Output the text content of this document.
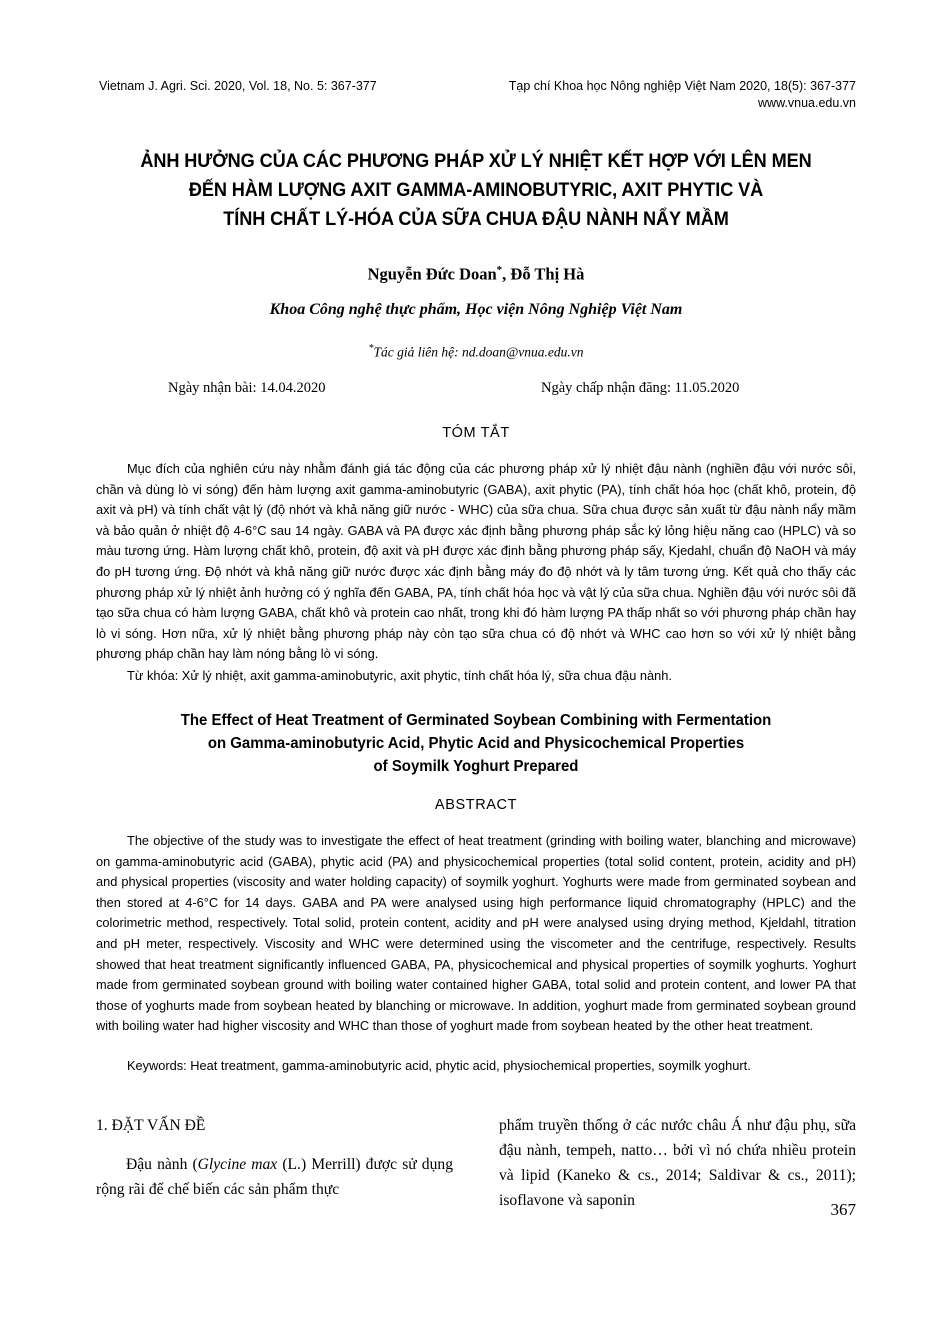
Vietnam J. Agri. Sci. 2020, Vol. 18, No. 5: 367-377	Tạp chí Khoa học Nông nghiệp Việt Nam 2020, 18(5): 367-377
www.vnua.edu.vn
ẢNH HƯỞNG CỦA CÁC PHƯƠNG PHÁP XỬ LÝ NHIỆT KẾT HỢP VỚI LÊN MEN
ĐẾN HÀM LƯỢNG AXIT GAMMA-AMINOBUTYRIC, AXIT PHYTIC VÀ
TÍNH CHẤT LÝ-HÓA CỦA SỮA CHUA ĐẬU NÀNH NẨY MẦM
Nguyễn Đức Doan*, Đỗ Thị Hà
Khoa Công nghệ thực phẩm, Học viện Nông Nghiệp Việt Nam
*Tác giả liên hệ: nd.doan@vnua.edu.vn
Ngày nhận bài: 14.04.2020	Ngày chấp nhận đăng: 11.05.2020
TÓM TẮT

Mục đích của nghiên cứu này nhằm đánh giá tác động của các phương pháp xử lý nhiệt đậu nành (nghiền đậu với nước sôi, chần và dùng lò vi sóng) đến hàm lượng axit gamma-aminobutyric (GABA), axit phytic (PA), tính chất hóa học (chất khô, protein, độ axit và pH) và tính chất vật lý (độ nhớt và khả năng giữ nước - WHC) của sữa chua. Sữa chua được sản xuất từ đậu nành nẩy mầm và bảo quản ở nhiệt độ 4-6°C sau 14 ngày. GABA và PA được xác định bằng phương pháp sắc ký lỏng hiệu năng cao (HPLC) và so màu tương ứng. Hàm lượng chất khô, protein, độ axit và pH được xác định bằng phương pháp sấy, Kjedahl, chuẩn độ NaOH và máy đo pH tương ứng. Độ nhớt và khả năng giữ nước được xác định bằng máy đo độ nhớt và ly tâm tương ứng. Kết quả cho thấy các phương pháp xử lý nhiệt ảnh hưởng có ý nghĩa đến GABA, PA, tính chất hóa học và vật lý của sữa chua. Nghiền đậu với nước sôi đã tạo sữa chua có hàm lượng GABA, chất khô và protein cao nhất, trong khi đó hàm lượng PA thấp nhất so với phương pháp chần hay lò vi sóng. Hơn nữa, xử lý nhiệt bằng phương pháp này còn tạo sữa chua có độ nhớt và WHC cao hơn so với xử lý nhiệt bằng phương pháp chần hay làm nóng bằng lò vi sóng.

Từ khóa: Xử lý nhiệt, axit gamma-aminobutyric, axit phytic, tính chất hóa lý, sữa chua đậu nành.
The Effect of Heat Treatment of Germinated Soybean Combining with Fermentation
on Gamma-aminobutyric Acid, Phytic Acid and Physicochemical Properties
of Soymilk Yoghurt Prepared
ABSTRACT

The objective of the study was to investigate the effect of heat treatment (grinding with boiling water, blanching and microwave) on gamma-aminobutyric acid (GABA), phytic acid (PA) and physicochemical properties (total solid content, protein, acidity and pH) and physical properties (viscosity and water holding capacity) of soymilk yoghurt. Yoghurts were made from germinated soybean and then stored at 4-6°C for 14 days. GABA and PA were analysed using high performance liquid chromatography (HPLC) and the colorimetric method, respectively. Total solid, protein content, acidity and pH were analysed using drying method, Kjeldahl, titration and pH meter, respectively. Viscosity and WHC were determined using the viscometer and the centrifuge, respectively. Results showed that heat treatment significantly influenced GABA, PA, physicochemical and physical properties of soymilk yoghurts. Yoghurt made from germinated soybean ground with boiling water contained higher GABA, total solid and protein content, and lower PA that those of yoghurts made from soybean heated by blanching or microwave. In addition, yoghurt made from germinated soybean ground with boiling water had higher viscosity and WHC than those of yoghurt made from soybean heated by the other heat treatment.

Keywords: Heat treatment, gamma-aminobutyric acid, phytic acid, physiochemical properties, soymilk yoghurt.
1. ĐẶT VẤN ĐỀ

Đậu nành (Glycine max (L.) Merrill) được sử dụng rộng rãi để chế biến các sản phẩm thực

phẩm truyền thống ở các nước châu Á như đậu phụ, sữa đậu nành, tempeh, natto… bởi vì nó chứa nhiều protein và lipid (Kaneko & cs., 2014; Saldivar & cs., 2011); isoflavone và saponin	367
